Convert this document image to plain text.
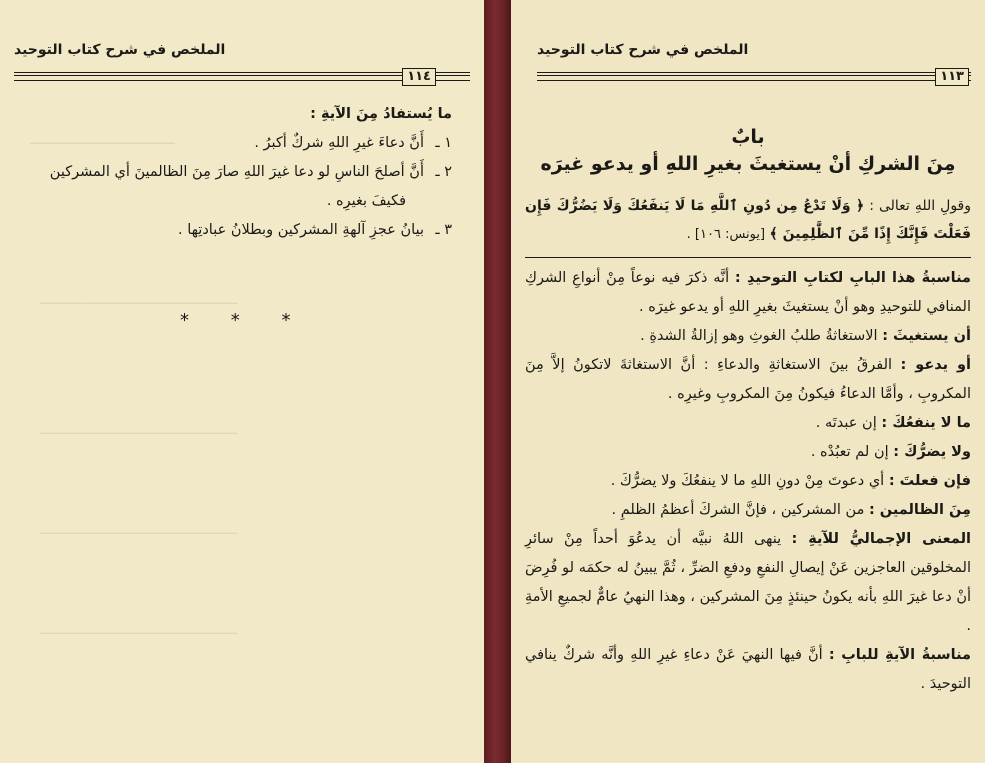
ـــــــــــــــــــــــــــــــــ
ـــــــــــــــــــــــــــــــــــــــــــــ
ـــــــــــــــــــــــــــــــــــــــــــــ
ـــــــــــــــــــــــــــــــــــــــــــــ
ـــــــــــــــــــــــــــــــــــــــــــــ
الملخص في شرح كتاب التوحيد
١١٤
ما يُستفادُ مِنَ الآيةِ :
١ ـأَنَّ دعاءَ غيرِ اللهِ شركٌ أكبرُ .
٢ ـأَنَّ أصلحَ الناسِ لو دعا غيرَ اللهِ صارَ مِنَ الظالمينَ أي المشركين
فكيفَ بغيرِه .
٣ ـبيانُ عجزِ آلهةِ المشركين وبطلانُ عبادتِها .
* * *
الملخص في شرح كتاب التوحيد
١١٣
بابٌ
مِنَ الشركِ أنْ يستغيثَ بغيرِ اللهِ أو يدعو غيرَه
وقولِ اللهِ تعالى : ﴿ وَلَا تَدْعُ مِن دُونِ ٱللَّهِ مَا لَا يَنفَعُكَ وَلَا يَضُرُّكَ فَإِن فَعَلْتَ فَإِنَّكَ إِذًا مِّنَ ٱلظَّٰلِمِينَ ﴾ [يونس: ١٠٦] .
مناسبةُ هذا البابِ لكتابِ التوحيدِ : أنَّه ذكرَ فيه نوعاً مِنْ أنواعِ الشركِ المنافي للتوحيدِ وهو أنْ يستغيثَ بغيرِ اللهِ أو يدعو غيرَه .
أن يستغيثَ : الاستغاثةُ طلبُ الغوثِ وهو إزالةُ الشدةِ .
أو يدعو : الفرقُ بينَ الاستغاثةِ والدعاءِ : أنَّ الاستغاثةَ لاتكونُ إلاَّ مِنَ المكروبِ ، وأمَّا الدعاءُ فيكونُ مِنَ المكروبِ وغيرِه .
ما لا ينفعُكَ : إن عبدتَه .
ولا يضرُّكَ : إن لم تعبُدْه .
فإن فعلتَ : أي دعوتَ مِنْ دونِ اللهِ ما لا ينفعُكَ ولا يضرُّكَ .
مِنَ الظالمين : من المشركين ، فإنَّ الشركَ أعظمُ الظلمِ .
المعنى الإجماليُّ للآيةِ : ينهى اللهُ نبيَّه أن يدعُوَ أحداً مِنْ سائرِ المخلوقين العاجزين عَنْ إيصالِ النفعِ ودفعِ الضرِّ ، ثُمَّ يبينُ له حكمَه لو فُرِضَ أنْ دعا غيرَ اللهِ بأنه يكونُ حينئذٍ مِنَ المشركين ، وهذا النهيُ عامٌّ لجميعِ الأمةِ .
مناسبةُ الآيةِ للبابِ : أنَّ فيها النهيَ عَنْ دعاءِ غيرِ اللهِ وأنَّه شركٌ ينافي التوحيدَ .
